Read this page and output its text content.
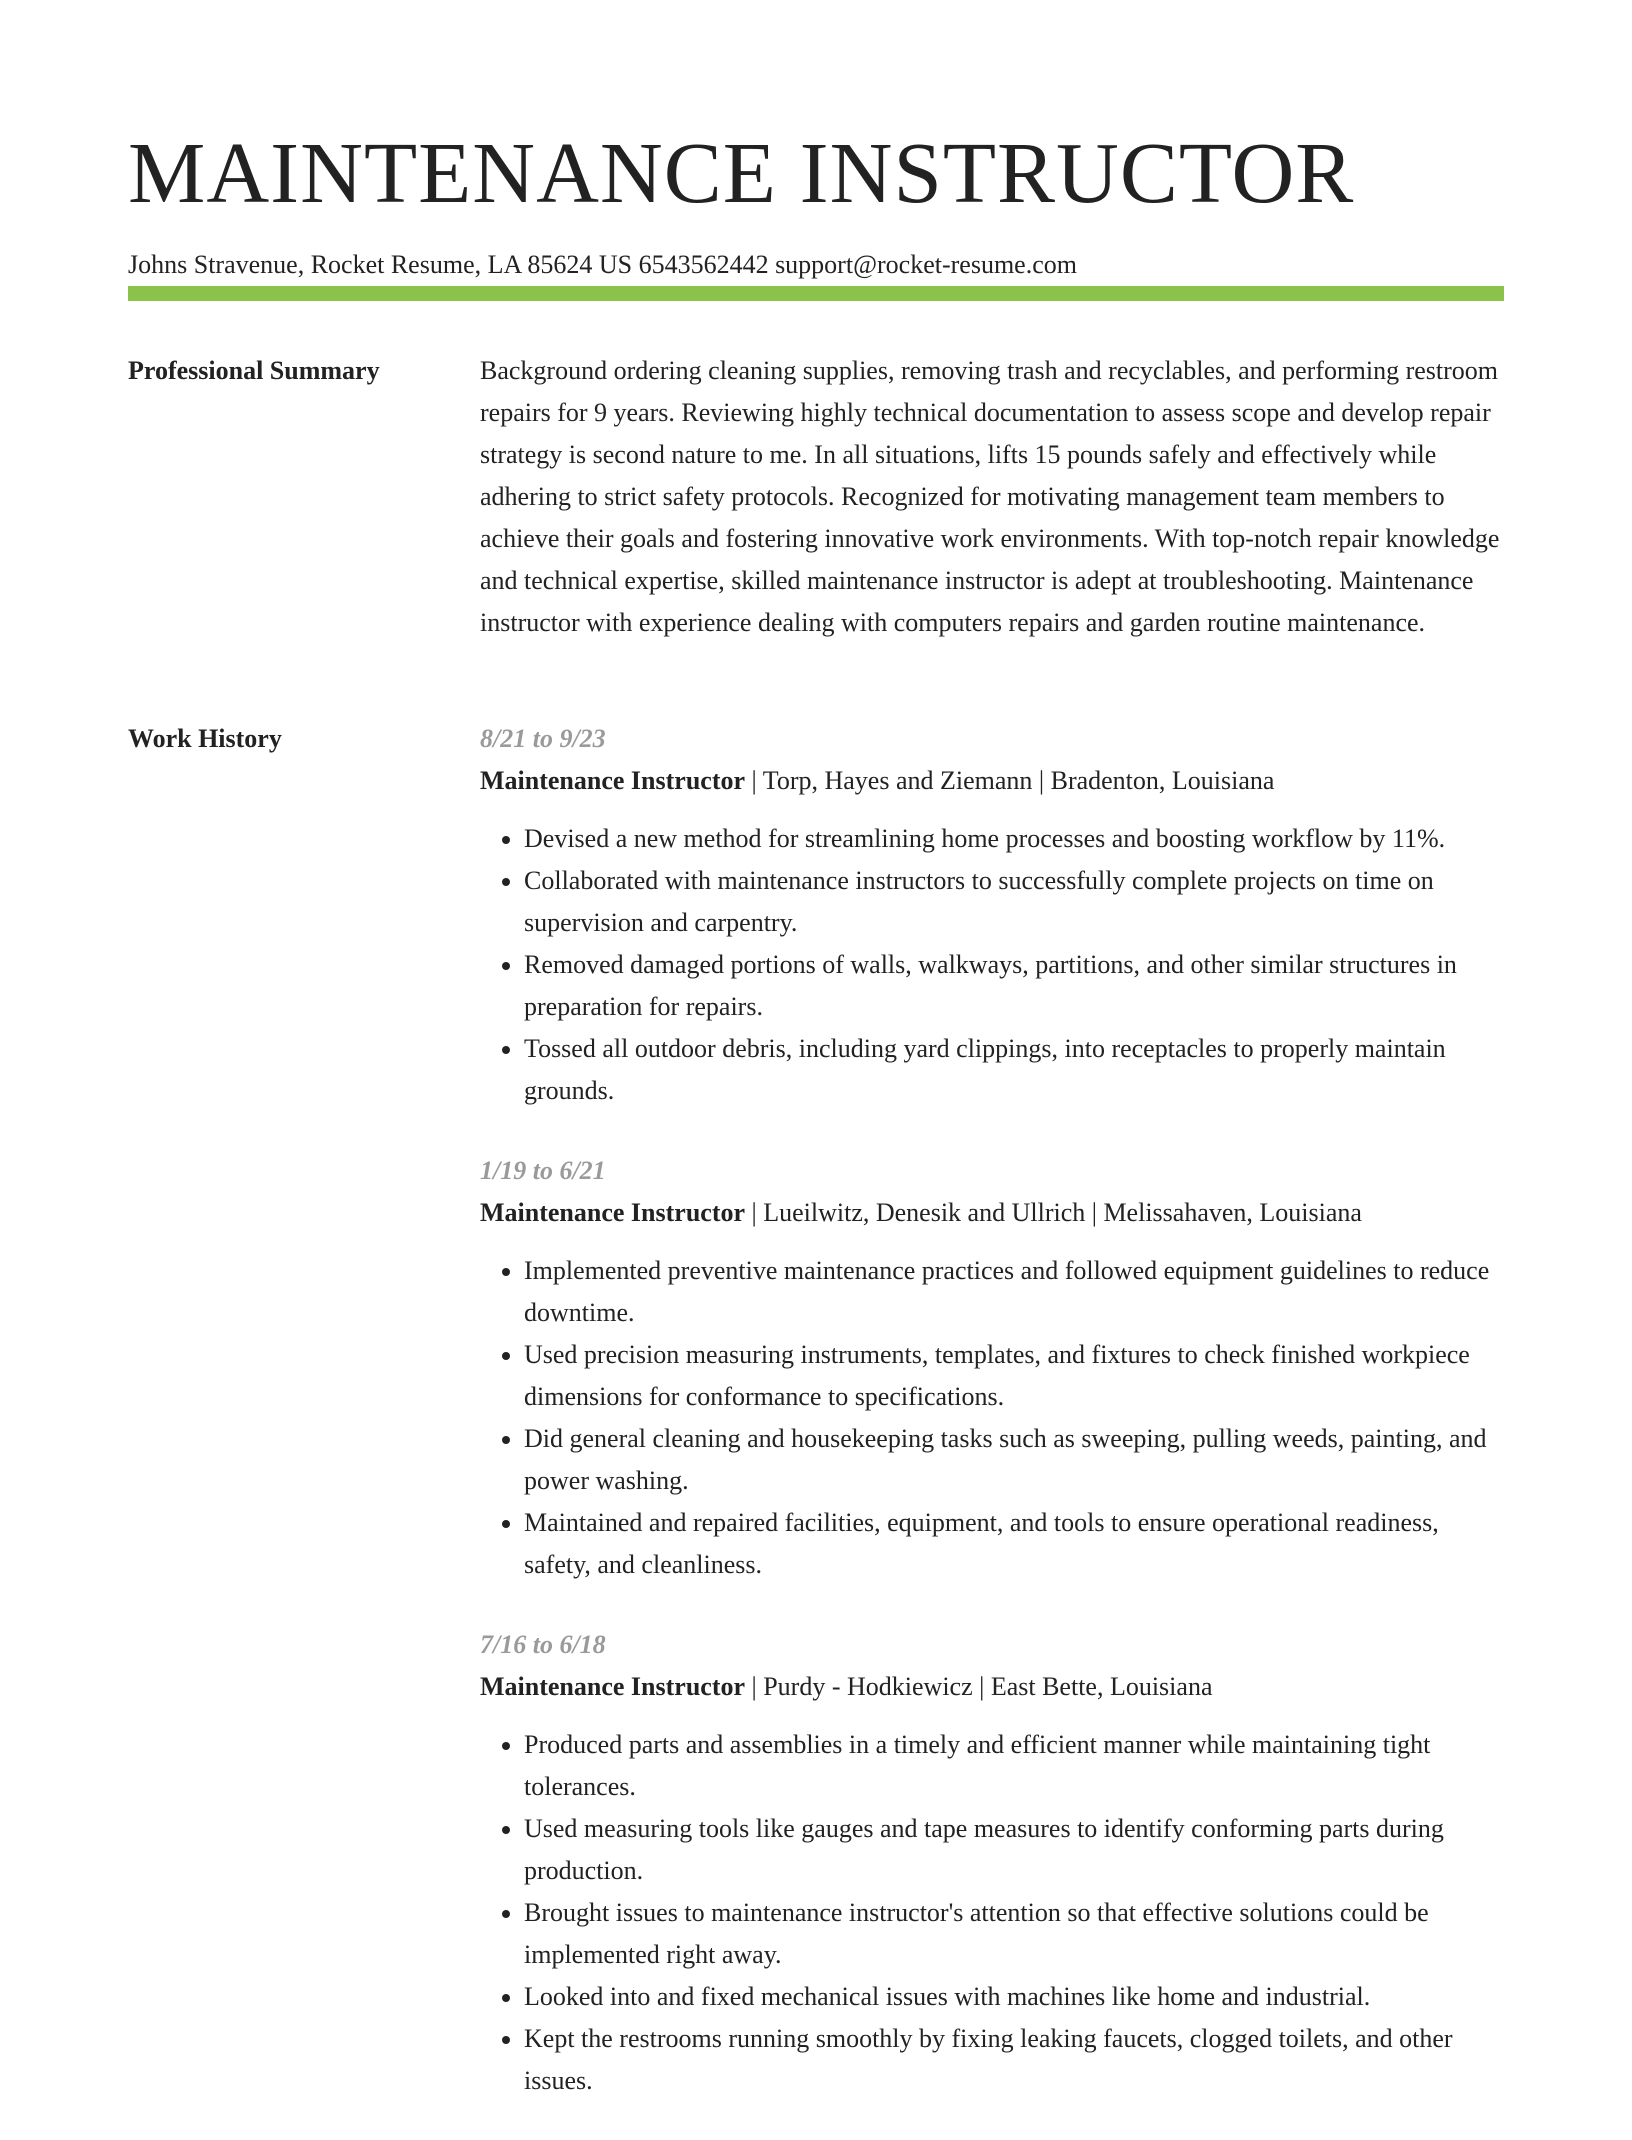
MAINTENANCE INSTRUCTOR
Johns Stravenue, Rocket Resume, LA 85624 US 6543562442 support@rocket-resume.com
Professional Summary	Background ordering cleaning supplies, removing trash and recyclables, and performing restroom repairs for 9 years. Reviewing highly technical documentation to assess scope and develop repair strategy is second nature to me. In all situations, lifts 15 pounds safely and effectively while adhering to strict safety protocols. Recognized for motivating management team members to achieve their goals and fostering innovative work environments. With top-notch repair knowledge and technical expertise, skilled maintenance instructor is adept at troubleshooting. Maintenance instructor with experience dealing with computers repairs and garden routine maintenance.

Work History	8/21 to 9/23
Maintenance Instructor | Torp, Hayes and Ziemann | Bradenton, Louisiana
• Devised a new method for streamlining home processes and boosting workflow by 11%.
• Collaborated with maintenance instructors to successfully complete projects on time on supervision and carpentry.
• Removed damaged portions of walls, walkways, partitions, and other similar structures in preparation for repairs.
• Tossed all outdoor debris, including yard clippings, into receptacles to properly maintain grounds.
1/19 to 6/21
Maintenance Instructor | Lueilwitz, Denesik and Ullrich | Melissahaven, Louisiana
• Implemented preventive maintenance practices and followed equipment guidelines to reduce downtime.
• Used precision measuring instruments, templates, and fixtures to check finished workpiece dimensions for conformance to specifications.
• Did general cleaning and housekeeping tasks such as sweeping, pulling weeds, painting, and power washing.
• Maintained and repaired facilities, equipment, and tools to ensure operational readiness, safety, and cleanliness.
7/16 to 6/18
Maintenance Instructor | Purdy - Hodkiewicz | East Bette, Louisiana
• Produced parts and assemblies in a timely and efficient manner while maintaining tight tolerances.
• Used measuring tools like gauges and tape measures to identify conforming parts during production.
• Brought issues to maintenance instructor's attention so that effective solutions could be implemented right away.
• Looked into and fixed mechanical issues with machines like home and industrial.
• Kept the restrooms running smoothly by fixing leaking faucets, clogged toilets, and other issues.
